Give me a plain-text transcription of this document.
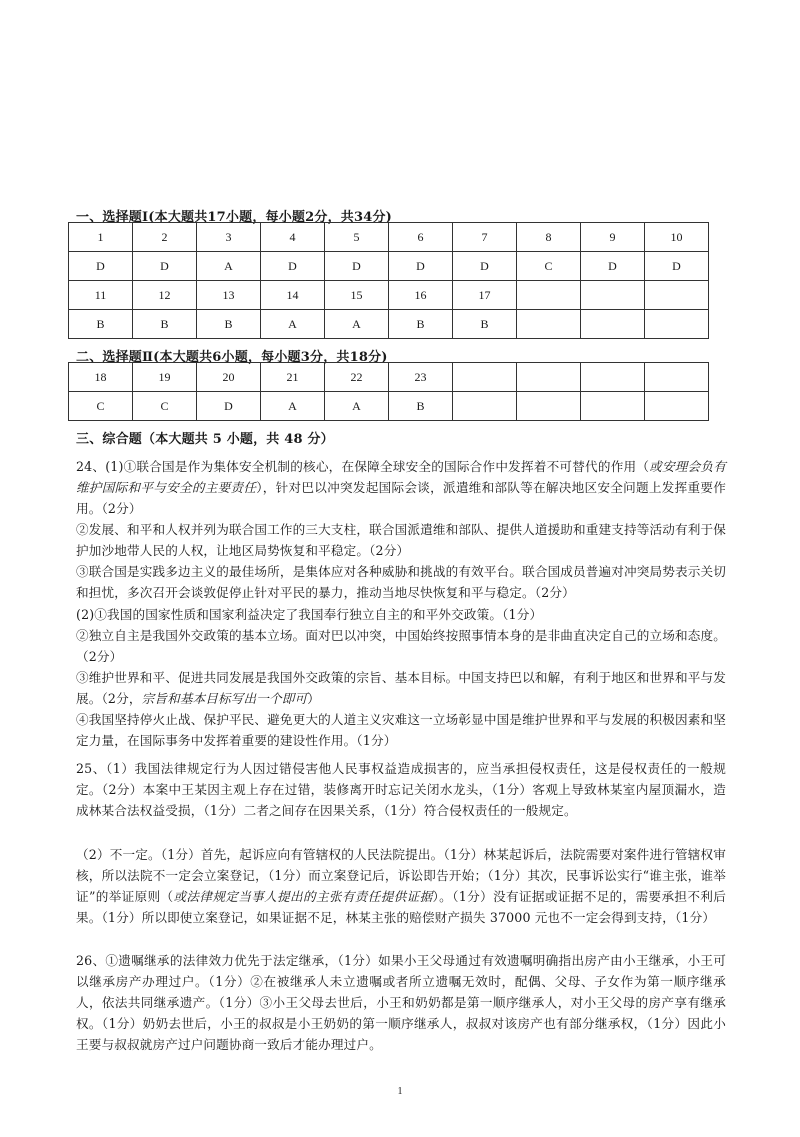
一、选择题Ⅰ(本大题共17小题，每小题2分，共34分)
1	2	3	4	5	6	7	8	9	10
D	D	A	D	D	D	D	C	D	D
11	12	13	14	15	16	17			
B	B	B	A	A	B	B			
二、选择题Ⅱ(本大题共6小题，每小题3分，共18分)
18	19	20	21	22	23				
C	C	D	A	A	B				
三、综合题（本大题共 5 小题，共 48 分）

24、(1)①联合国是作为集体安全机制的核心，在保障全球安全的国际合作中发挥着不可替代的作用（或安理会负有维护国际和平与安全的主要责任），针对巴以冲突发起国际会谈，派遣维和部队等在解决地区安全问题上发挥重要作用。（2分）

②发展、和平和人权并列为联合国工作的三大支柱，联合国派遣维和部队、提供人道援助和重建支持等活动有利于保护加沙地带人民的人权，让地区局势恢复和平稳定。（2分）

③联合国是实践多边主义的最佳场所，是集体应对各种威胁和挑战的有效平台。联合国成员普遍对冲突局势表示关切和担忧，多次召开会谈敦促停止针对平民的暴力，推动当地尽快恢复和平与稳定。（2分）

(2)①我国的国家性质和国家利益决定了我国奉行独立自主的和平外交政策。（1分）

②独立自主是我国外交政策的基本立场。面对巴以冲突，中国始终按照事情本身的是非曲直决定自己的立场和态度。（2分）

③维护世界和平、促进共同发展是我国外交政策的宗旨、基本目标。中国支持巴以和解，有利于地区和世界和平与发展。（2分，宗旨和基本目标写出一个即可）

④我国坚持停火止战、保护平民、避免更大的人道主义灾难这一立场彰显中国是维护世界和平与发展的积极因素和坚定力量，在国际事务中发挥着重要的建设性作用。（1分）

25、（1）我国法律规定行为人因过错侵害他人民事权益造成损害的，应当承担侵权责任，这是侵权责任的一般规定。（2分）本案中王某因主观上存在过错，装修离开时忘记关闭水龙头，（1分）客观上导致林某室内屋顶漏水，造成林某合法权益受损，（1分）二者之间存在因果关系，（1分）符合侵权责任的一般规定。

（2）不一定。（1分）首先，起诉应向有管辖权的人民法院提出。（1分）林某起诉后，法院需要对案件进行管辖权审核，所以法院不一定会立案登记，（1分）而立案登记后，诉讼即告开始；（1分）其次，民事诉讼实行“谁主张，谁举证”的举证原则（或法律规定当事人提出的主张有责任提供证据）。（1分）没有证据或证据不足的，需要承担不利后果。（1分）所以即使立案登记，如果证据不足，林某主张的赔偿财产损失 37000 元也不一定会得到支持，（1分）

26、①遗嘱继承的法律效力优先于法定继承，（1分）如果小王父母通过有效遗嘱明确指出房产由小王继承，小王可以继承房产办理过户。（1分）②在被继承人未立遗嘱或者所立遗嘱无效时，配偶、父母、子女作为第一顺序继承人，依法共同继承遗产。（1分）③小王父母去世后，小王和奶奶都是第一顺序继承人，对小王父母的房产享有继承权。（1分）奶奶去世后，小王的叔叔是小王奶奶的第一顺序继承人，叔叔对该房产也有部分继承权，（1分）因此小王要与叔叔就房产过户问题协商一致后才能办理过户。

1
